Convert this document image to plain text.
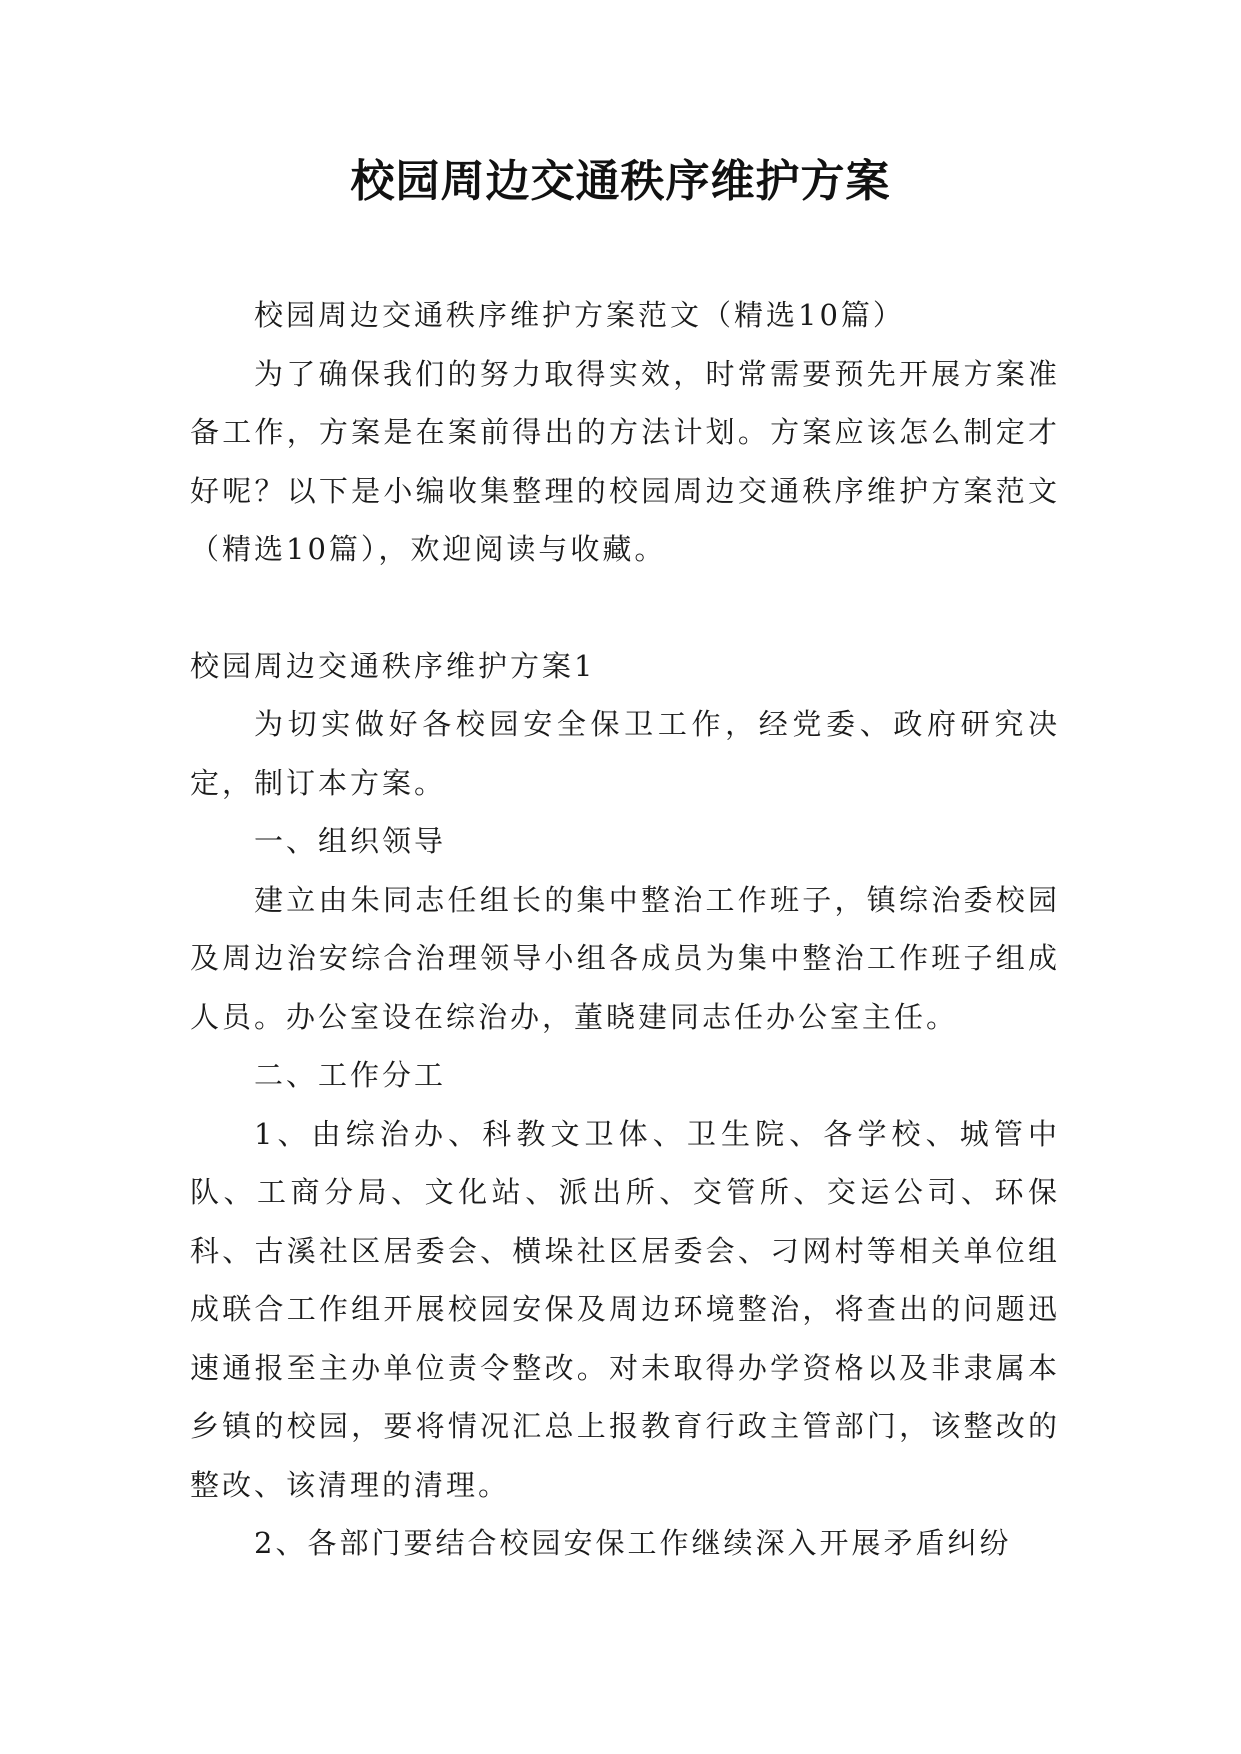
校园周边交通秩序维护方案

校园周边交通秩序维护方案范文（精选10篇）

为了确保我们的努力取得实效，时常需要预先开展方案准备工作，方案是在案前得出的方法计划。方案应该怎么制定才好呢？以下是小编收集整理的校园周边交通秩序维护方案范文（精选10篇），欢迎阅读与收藏。

校园周边交通秩序维护方案1

为切实做好各校园安全保卫工作，经党委、政府研究决定，制订本方案。

一、组织领导

建立由朱同志任组长的集中整治工作班子，镇综治委校园及周边治安综合治理领导小组各成员为集中整治工作班子组成人员。办公室设在综治办，董晓建同志任办公室主任。

二、工作分工

1、由综治办、科教文卫体、卫生院、各学校、城管中队、工商分局、文化站、派出所、交管所、交运公司、环保科、古溪社区居委会、横垛社区居委会、刁网村等相关单位组成联合工作组开展校园安保及周边环境整治，将查出的问题迅速通报至主办单位责令整改。对未取得办学资格以及非隶属本乡镇的校园，要将情况汇总上报教育行政主管部门，该整改的整改、该清理的清理。

2、各部门要结合校园安保工作继续深入开展矛盾纠纷
